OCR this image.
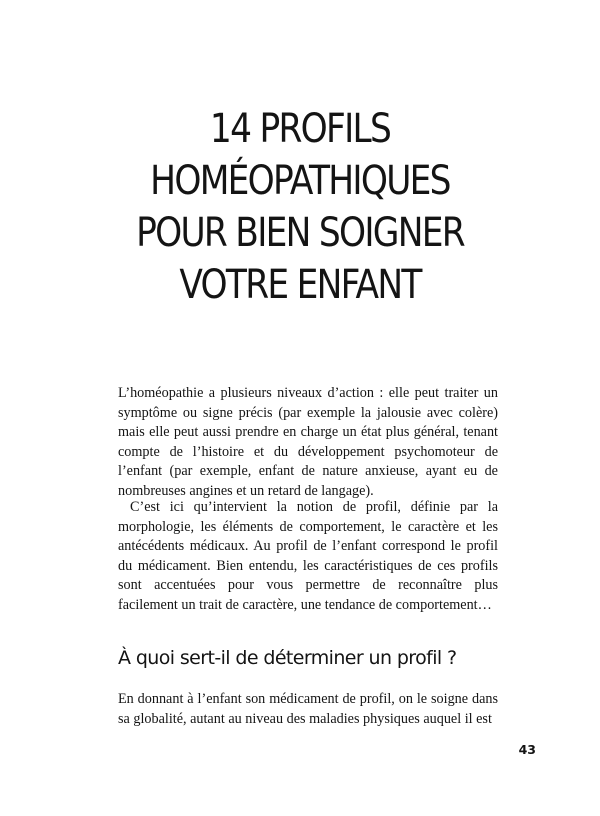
14 PROFILS
HOMÉOPATHIQUES
POUR BIEN SOIGNER
VOTRE ENFANT

L’homéopathie a plusieurs niveaux d’action : elle peut traiter un symptôme ou signe précis (par exemple la jalousie avec colère) mais elle peut aussi prendre en charge un état plus général, tenant compte de l’histoire et du développement psychomoteur de l’enfant (par exemple, enfant de nature anxieuse, ayant eu de nombreuses angines et un retard de langage).

C’est ici qu’intervient la notion de profil, définie par la morphologie, les éléments de comportement, le caractère et les antécédents médicaux. Au profil de l’enfant correspond le profil du médicament. Bien entendu, les caractéristiques de ces profils sont accentuées pour vous permettre de reconnaître plus facilement un trait de caractère, une tendance de comportement…

À quoi sert-il de déterminer un profil ?

En donnant à l’enfant son médicament de profil, on le soigne dans sa globalité, autant au niveau des maladies physiques auquel il est

43
